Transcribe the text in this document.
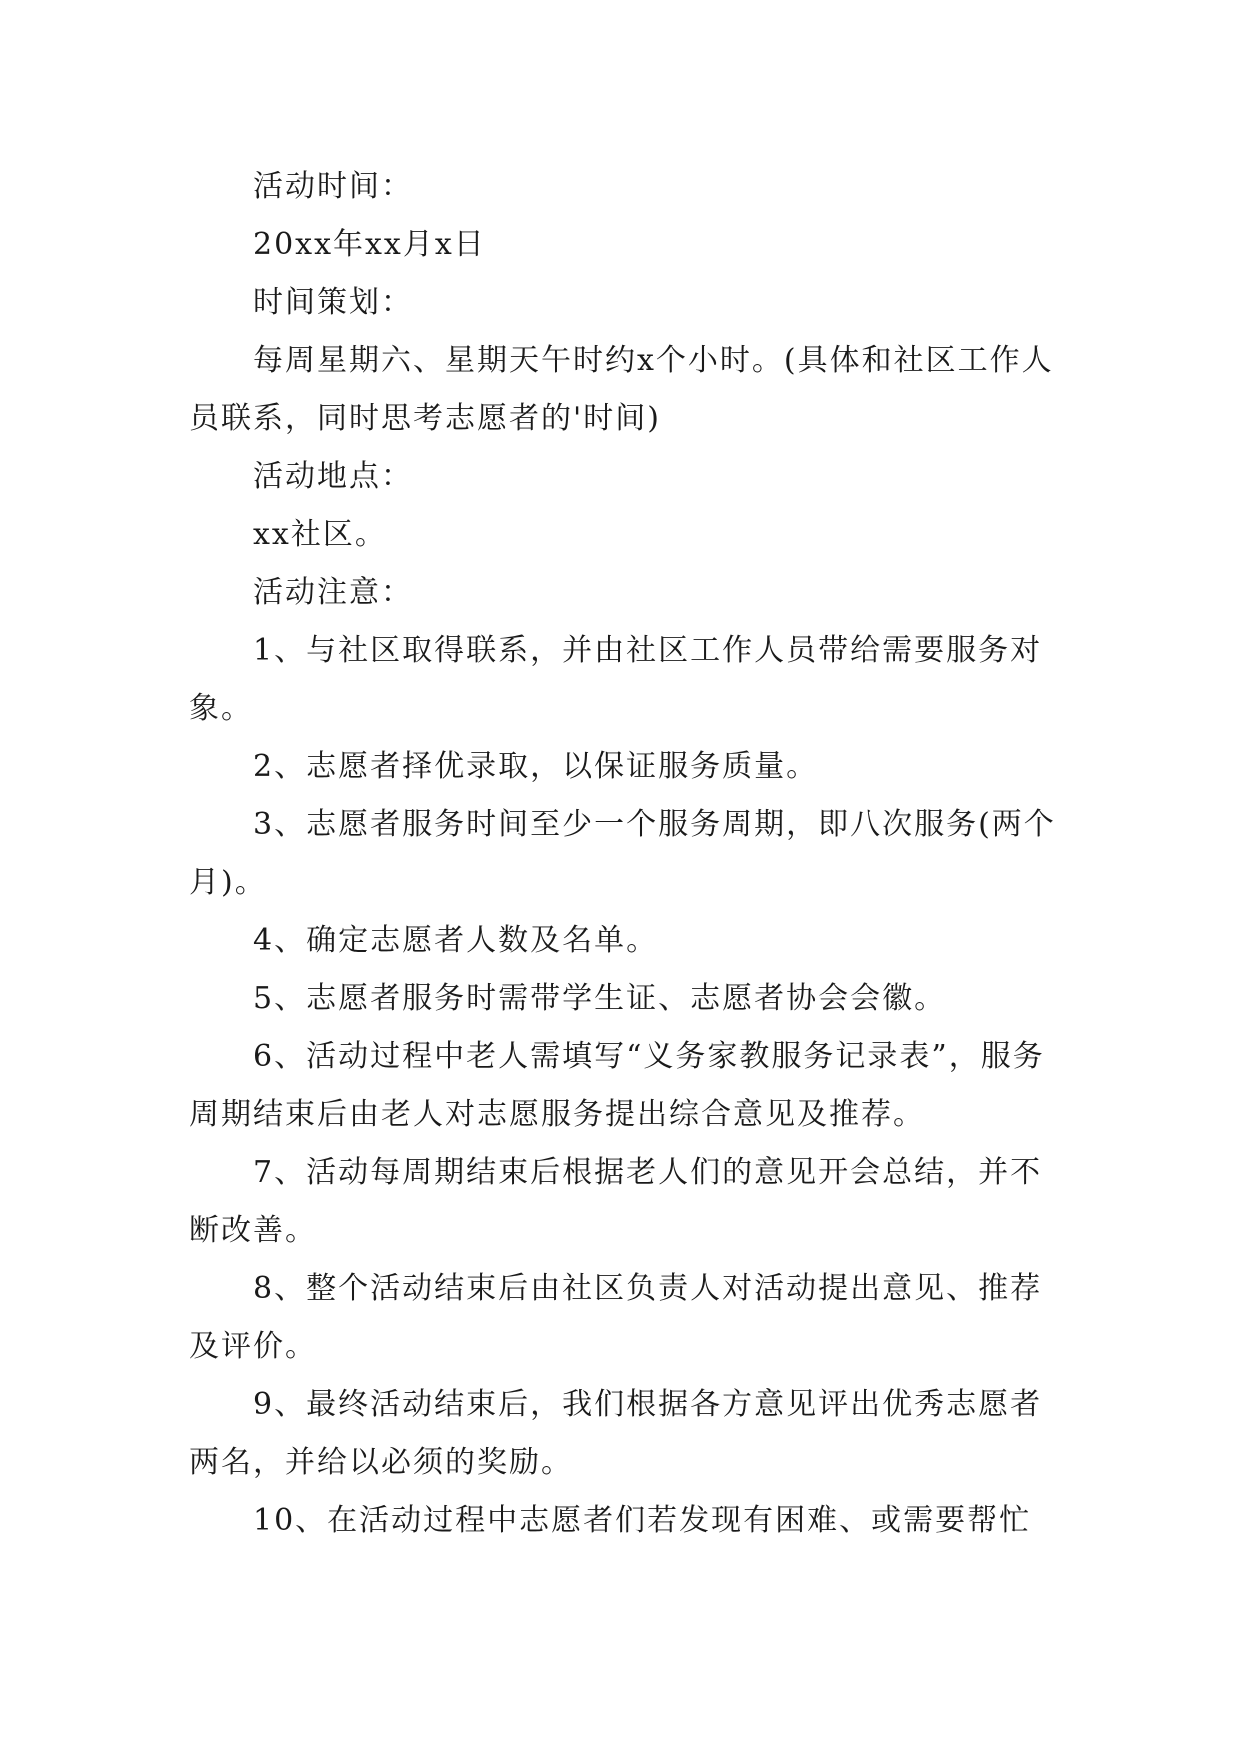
活动时间：

20xx年xx月x日

时间策划：

每周星期六、星期天午时约x个小时。(具体和社区工作人员联系，同时思考志愿者的'时间)

活动地点：

xx社区。

活动注意：

1、与社区取得联系，并由社区工作人员带给需要服务对象。

2、志愿者择优录取，以保证服务质量。

3、志愿者服务时间至少一个服务周期，即八次服务(两个月)。

4、确定志愿者人数及名单。

5、志愿者服务时需带学生证、志愿者协会会徽。

6、活动过程中老人需填写“义务家教服务记录表”，服务周期结束后由老人对志愿服务提出综合意见及推荐。

7、活动每周期结束后根据老人们的意见开会总结，并不断改善。

8、整个活动结束后由社区负责人对活动提出意见、推荐及评价。

9、最终活动结束后，我们根据各方意见评出优秀志愿者两名，并给以必须的奖励。

10、在活动过程中志愿者们若发现有困难、或需要帮忙
